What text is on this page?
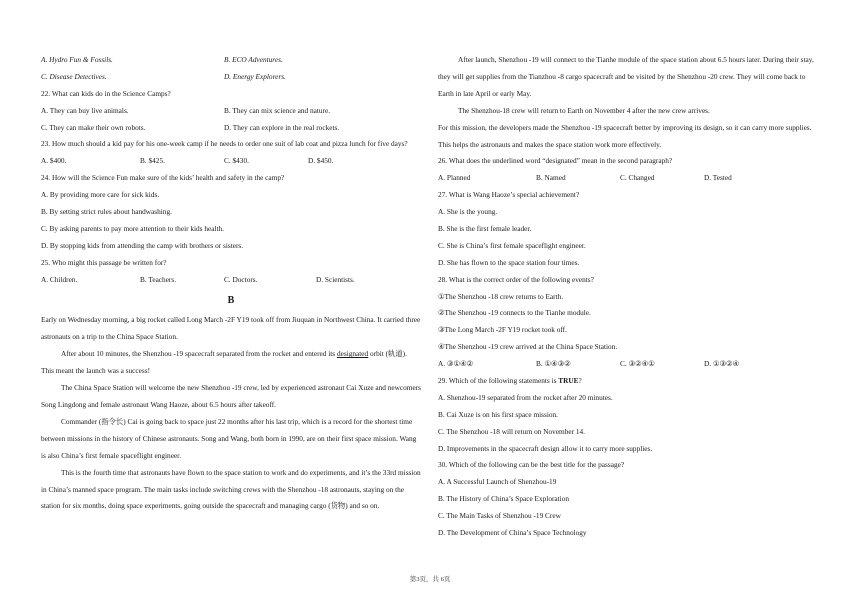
A. Hydro Fun & Fossils.	B. ECO Adventures.
C. Disease Detectives.	D. Energy Explorers.
22. What can kids do in the Science Camps?
A. They can buy live animals.	B. They can mix science and nature.
C. They can make their own robots.	D. They can explore in the real rockets.
23. How much should a kid pay for his one-week camp if he needs to order one suit of lab coat and pizza lunch for five days?
A. $400.	B. $425.	C. $430.	D. $450.
24. How will the Science Fun make sure of the kids’ health and safety in the camp?
A. By providing more care for sick kids.
B. By setting strict rules about handwashing.
C. By asking parents to pay more attention to their kids health.
D. By stopping kids from attending the camp with brothers or sisters.
25. Who might this passage be written for?
A. Children.	B. Teachers.	C. Doctors.	D. Scientists.
B

Early on Wednesday morning, a big rocket called Long March -2F Y19 took off from Jiuquan in Northwest China. It carried three astronauts on a trip to the China Space Station.

After about 10 minutes, the Shenzhou -19 spacecraft separated from the rocket and entered its designated orbit (轨道). This meant the launch was a success!

The China Space Station will welcome the new Shenzhou -19 crew, led by experienced astronaut Cai Xuze and newcomers Song Lingdong and female astronaut Wang Haoze, about 6.5 hours after takeoff.

Commander (指令长) Cai is going back to space just 22 months after his last trip, which is a record for the shortest time between missions in the history of Chinese astronauts. Song and Wang, both born in 1990, are on their first space mission. Wang is also China’s first female spaceflight engineer.

This is the fourth time that astronauts have flown to the space station to work and do experiments, and it’s the 33rd mission in China’s manned space program. The main tasks include switching crews with the Shenzhou -18 astronauts, staying on the station for six months, doing space experiments, going outside the spacecraft and managing cargo (货物) and so on.

After launch, Shenzhou -19 will connect to the Tianhe module of the space station about 6.5 hours later. During their stay, they will get supplies from the Tianzhou -8 cargo spacecraft and be visited by the Shenzhou -20 crew. They will come back to Earth in late April or early May.

The Shenzhou-18 crew will return to Earth on November 4 after the new crew arrives.

For this mission, the developers made the Shenzhou -19 spacecraft better by improving its design, so it can carry more supplies. This helps the astronauts and makes the space station work more effectively.

26. What does the underlined word “designated” mean in the second paragraph?
A. Planned	B. Named	C. Changed	D. Tested
27. What is Wang Haoze’s special achievement?
A. She is the young.
B. She is the first female leader.
C. She is China’s first female spaceflight engineer.
D. She has flown to the space station four times.
28. What is the correct order of the following events?
①The Shenzhou -18 crew returns to Earth.
②The Shenzhou -19 connects to the Tianhe module.
③The Long March -2F Y19 rocket took off.
④The Shenzhou -19 crew arrived at the China Space Station.
A. ③①④②	B. ①④③②	C. ③②④①	D. ①③②④
29. Which of the following statements is TRUE?
A. Shenzhou-19 separated from the rocket after 20 minutes.
B. Cai Xuze is on his first space mission.
C. The Shenzhou -18 will return on November 14.
D. Improvements in the spacecraft design allow it to carry more supplies.
30. Which of the following can be the best title for the passage?
A. A Successful Launch of Shenzhou-19
B. The History of China’s Space Exploration
C. The Main Tasks of Shenzhou -19 Crew
D. The Development of China’s Space Technology
第3页，共 6页
